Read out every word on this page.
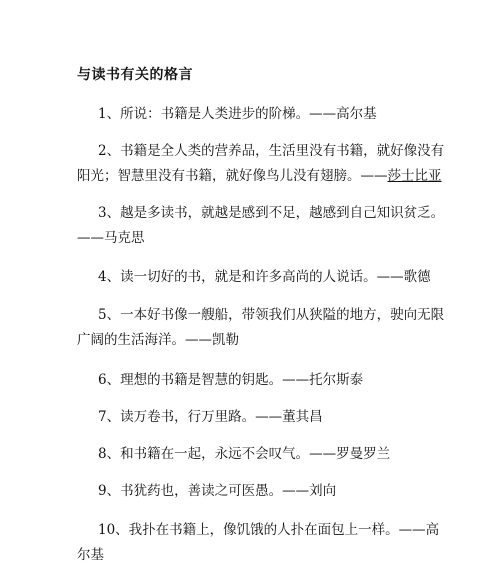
与读书有关的格言
1、所说：书籍是人类进步的阶梯。——高尔基
2、书籍是全人类的营养品，生活里没有书籍，就好像没有
阳光；智慧里没有书籍，就好像鸟儿没有翅膀。——莎士比亚
3、越是多读书，就越是感到不足，越感到自己知识贫乏。
——马克思
4、读一切好的书，就是和许多高尚的人说话。——歌德
5、一本好书像一艘船，带领我们从狭隘的地方，驶向无限
广阔的生活海洋。——凯勒
6、理想的书籍是智慧的钥匙。——托尔斯泰
7、读万卷书，行万里路。——董其昌
8、和书籍在一起，永远不会叹气。——罗曼罗兰
9、书犹药也，善读之可医愚。——刘向
10、我扑在书籍上，像饥饿的人扑在面包上一样。——高
尔基
